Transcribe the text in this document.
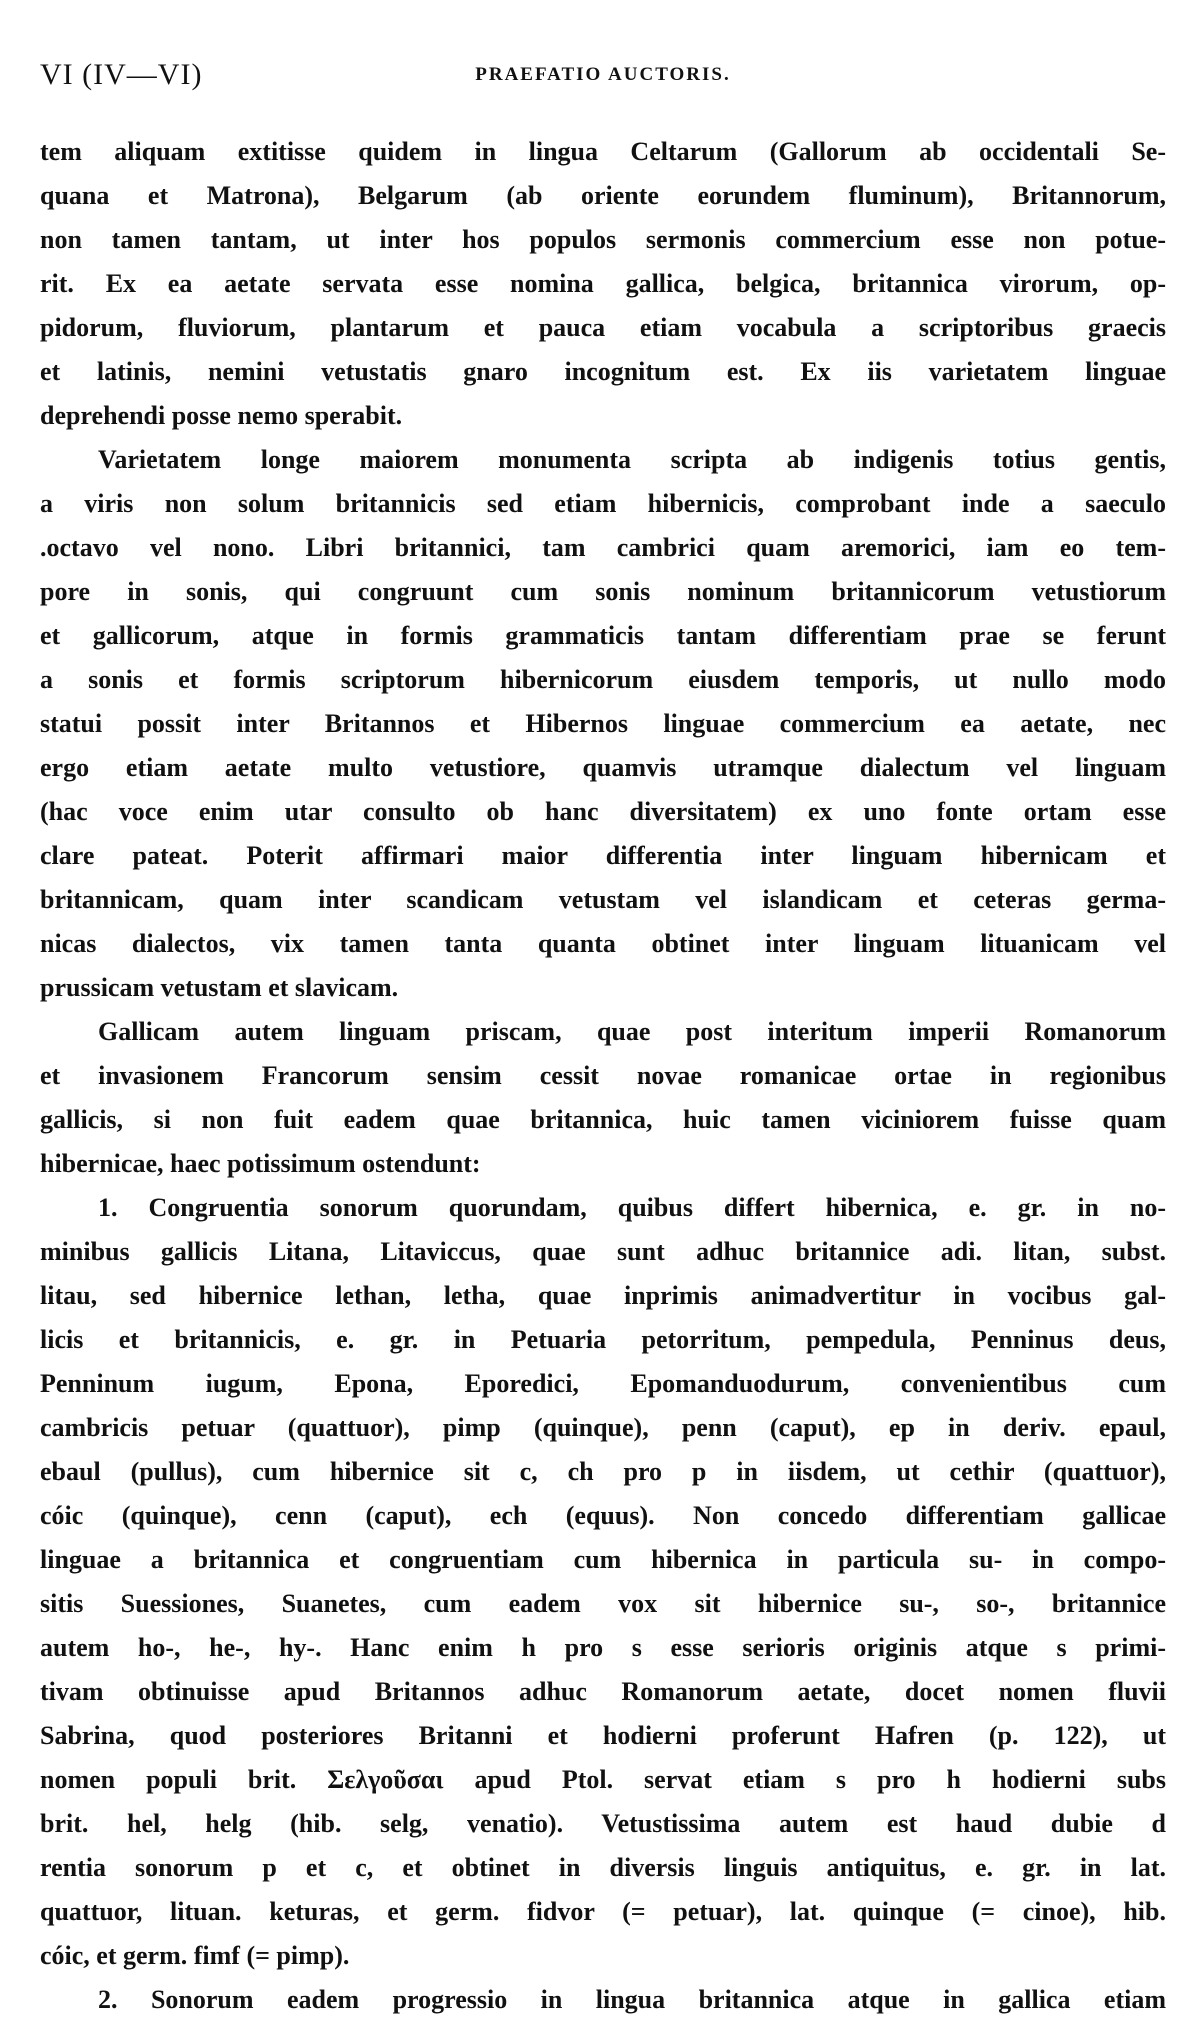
VI (IV—VI)	PRAEFATIO AUCTORIS.
tem aliquam extitisse quidem in lingua Celtarum (Gallorum ab occidentali Se-
quana et Matrona), Belgarum (ab oriente eorundem fluminum), Britannorum,
non tamen tantam, ut inter hos populos sermonis commercium esse non potue-
rit. Ex ea aetate servata esse nomina gallica, belgica, britannica virorum, op-
pidorum, fluviorum, plantarum et pauca etiam vocabula a scriptoribus graecis
et latinis, nemini vetustatis gnaro incognitum est. Ex iis varietatem linguae
deprehendi posse nemo sperabit.
Varietatem longe maiorem monumenta scripta ab indigenis totius gentis,
a viris non solum britannicis sed etiam hibernicis, comprobant inde a saeculo
.octavo vel nono. Libri britannici, tam cambrici quam aremorici, iam eo tem-
pore in sonis, qui congruunt cum sonis nominum britannicorum vetustiorum
et gallicorum, atque in formis grammaticis tantam differentiam prae se ferunt
a sonis et formis scriptorum hibernicorum eiusdem temporis, ut nullo modo
statui possit inter Britannos et Hibernos linguae commercium ea aetate, nec
ergo etiam aetate multo vetustiore, quamvis utramque dialectum vel linguam
(hac voce enim utar consulto ob hanc diversitatem) ex uno fonte ortam esse
clare pateat. Poterit affirmari maior differentia inter linguam hibernicam et
britannicam, quam inter scandicam vetustam vel islandicam et ceteras germa-
nicas dialectos, vix tamen tanta quanta obtinet inter linguam lituanicam vel
prussicam vetustam et slavicam.
Gallicam autem linguam priscam, quae post interitum imperii Romanorum
et invasionem Francorum sensim cessit novae romanicae ortae in regionibus
gallicis, si non fuit eadem quae britannica, huic tamen viciniorem fuisse quam
hibernicae, haec potissimum ostendunt:
1. Congruentia sonorum quorundam, quibus differt hibernica, e. gr. in no-
minibus gallicis Litana, Litaviccus, quae sunt adhuc britannice adi. litan, subst.
litau, sed hibernice lethan, letha, quae inprimis animadvertitur in vocibus gal-
licis et britannicis, e. gr. in Petuaria petorritum, pempedula, Penninus deus,
Penninum iugum, Epona, Eporedici, Epomanduodurum, convenientibus cum
cambricis petuar (quattuor), pimp (quinque), penn (caput), ep in deriv. epaul,
ebaul (pullus), cum hibernice sit c, ch pro p in iisdem, ut cethir (quattuor),
cóic (quinque), cenn (caput), ech (equus). Non concedo differentiam gallicae
linguae a britannica et congruentiam cum hibernica in particula su- in compo-
sitis Suessiones, Suanetes, cum eadem vox sit hibernice su-, so-, britannice
autem ho-, he-, hy-. Hanc enim h pro s esse serioris originis atque s primi-
tivam obtinuisse apud Britannos adhuc Romanorum aetate, docet nomen fluvii
Sabrina, quod posteriores Britanni et hodierni proferunt Hafren (p. 122), ut
nomen populi brit. Σελγοῦσαι apud Ptol. servat etiam s pro h hodierni subs
brit. hel, helg (hib. selg, venatio). Vetustissima autem est haud dubie d
rentia sonorum p et c, et obtinet in diversis linguis antiquitus, e. gr. in lat.
quattuor, lituan. keturas, et germ. fidvor (= petuar), lat. quinque (= cinoe), hib.
cóic, et germ. fimf (= pimp).
2. Sonorum eadem progressio in lingua britannica atque in gallica etiam
